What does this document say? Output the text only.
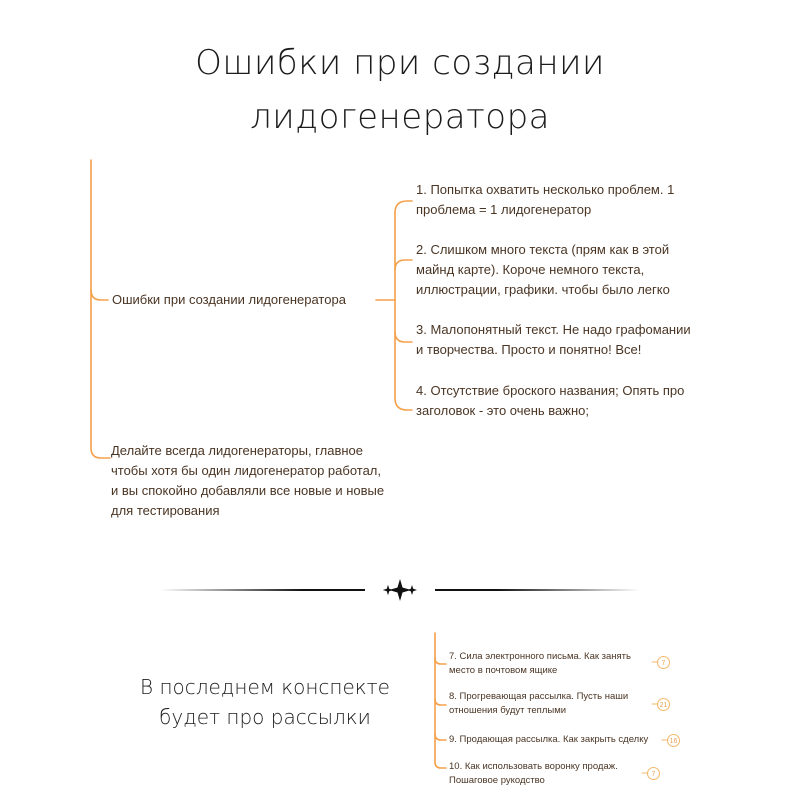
Ошибки при создании
лидогенератора
Ошибки при создании лидогенератора
1. Попытка охватить несколько проблем. 1
проблема = 1 лидогенератор
2. Слишком много текста (прям как в этой
майнд карте). Короче немного текста,
иллюстрации, графики. чтобы было легко
3. Малопонятный текст. Не надо графомании
и творчества. Просто и понятно! Все!
4. Отсутствие броского названия; Опять про
заголовок - это очень важно;
Делайте всегда лидогенераторы, главное
чтобы хотя бы один лидогенератор работал,
и вы спокойно добавляли все новые и новые
для тестирования
В последнем конспекте
будет про рассылки
7. Сила электронного письма. Как занять
место в почтовом ящике
7
8. Прогревающая рассылка. Пусть наши
отношения будут теплыми	21
9. Продающая рассылка. Как закрыть сделку	16
10. Как использовать воронку продаж.
Пошаговое рукодство
7
